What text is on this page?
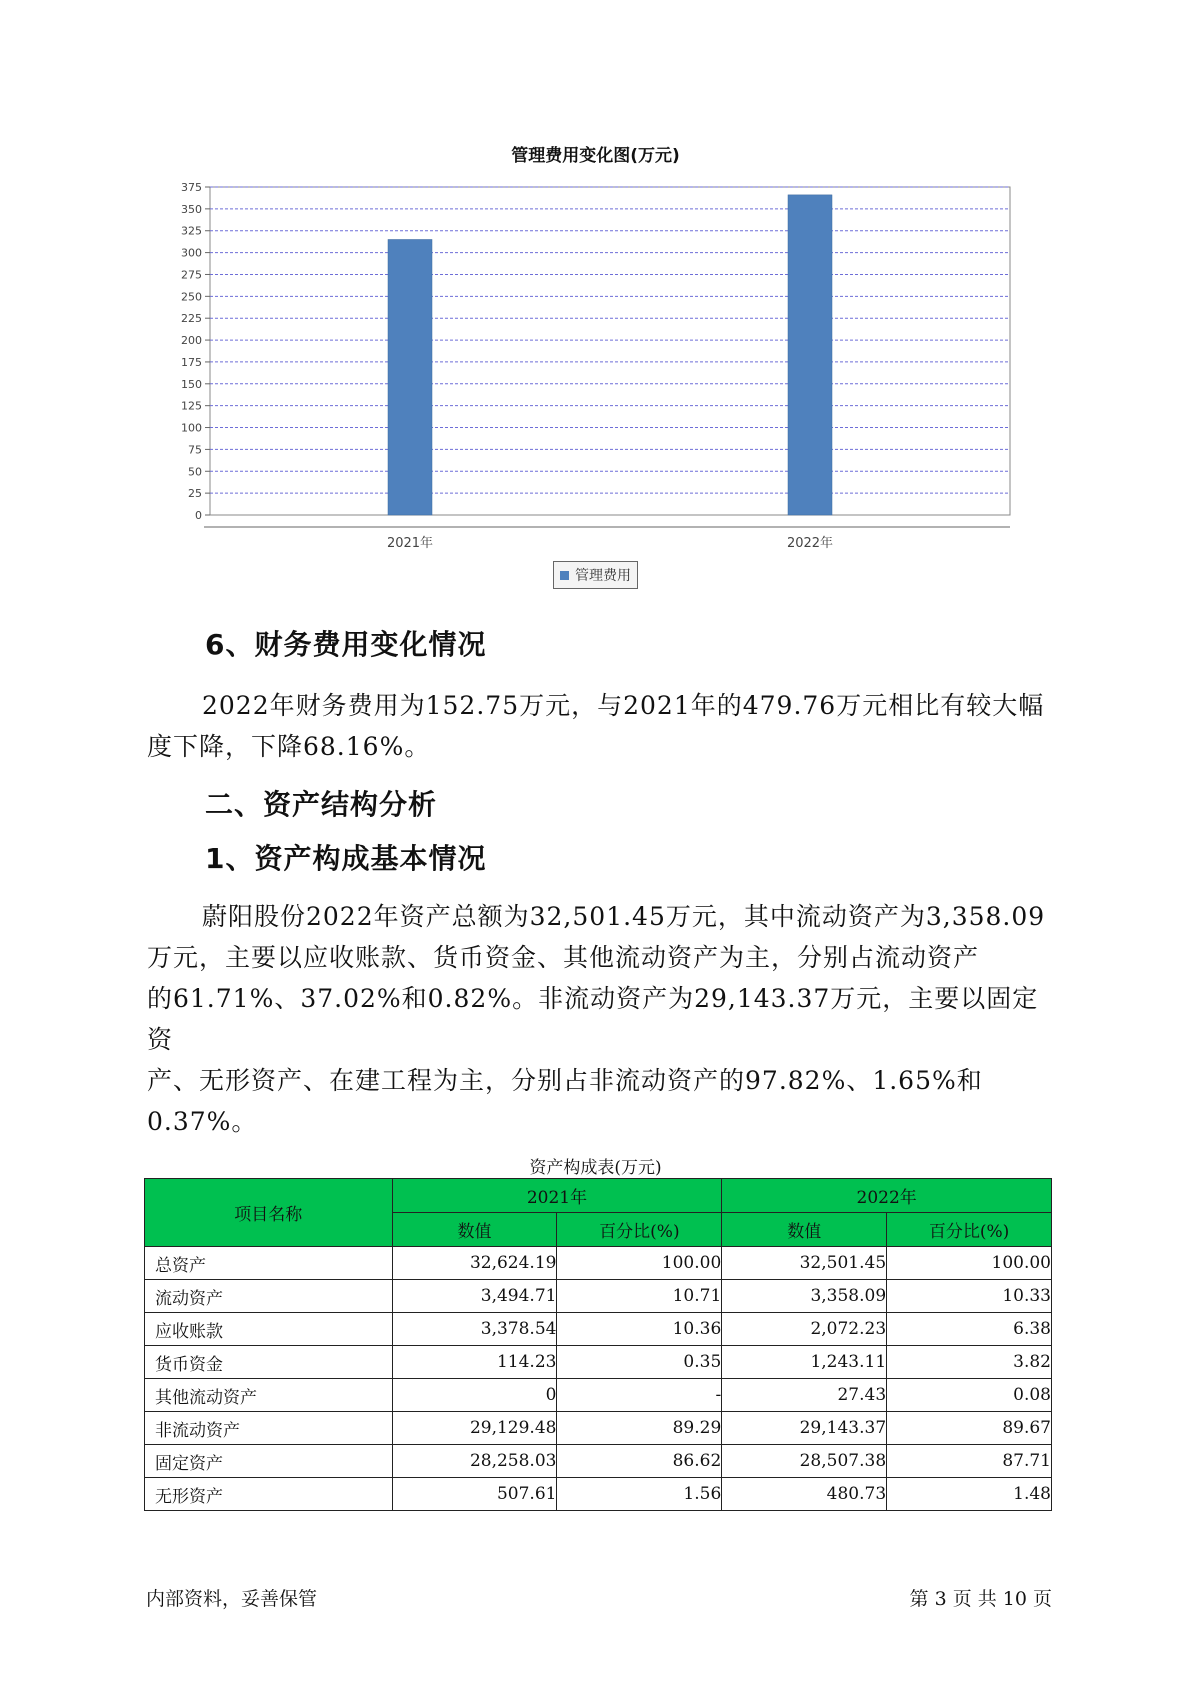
管理费用变化图(万元)
0
25
50
75
100
125
150
175
200
225
250
275
300
325
350
375
2021年	2022年
管理费用
6、财务费用变化情况

2022年财务费用为152.75万元，与2021年的479.76万元相比有较大幅
度下降，下降68.16%。

二、资产结构分析
1、资产构成基本情况

蔚阳股份2022年资产总额为32,501.45万元，其中流动资产为3,358.09
万元，主要以应收账款、货币资金、其他流动资产为主，分别占流动资产
的61.71%、37.02%和0.82%。非流动资产为29,143.37万元，主要以固定资
产、无形资产、在建工程为主，分别占非流动资产的97.82%、1.65%和
0.37%。

资产构成表(万元)
项目名称	2021年		2022年	
	数值	百分比(%)	数值	百分比(%)
总资产	32,624.19	100.00	32,501.45	100.00
流动资产	3,494.71	10.71	3,358.09	10.33
应收账款	3,378.54	10.36	2,072.23	6.38
货币资金	114.23	0.35	1,243.11	3.82
其他流动资产	0	-	27.43	0.08
非流动资产	29,129.48	89.29	29,143.37	89.67
固定资产	28,258.03	86.62	28,507.38	87.71
无形资产	507.61	1.56	480.73	1.48
内部资料，妥善保管	第 3 页 共 10 页
